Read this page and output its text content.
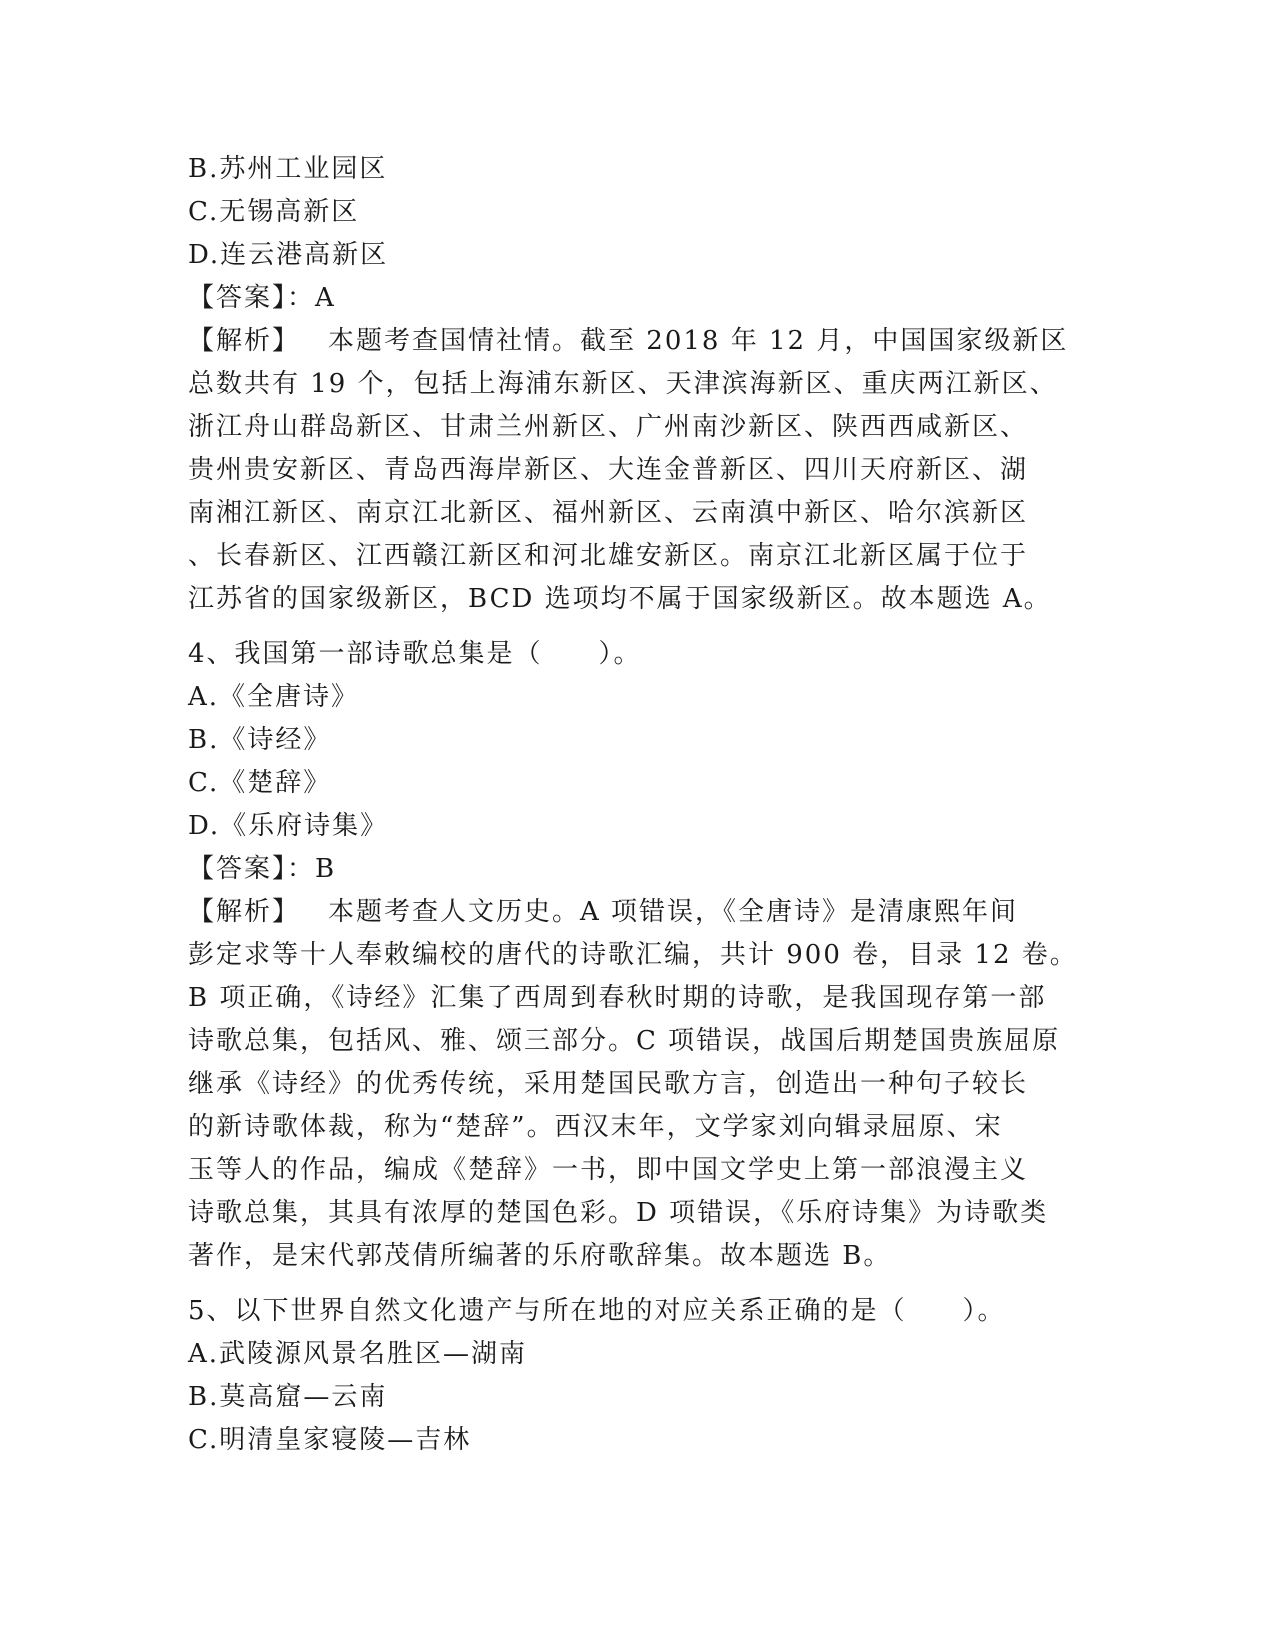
B.苏州工业园区

C.无锡高新区

D.连云港高新区

【答案】：A

【解析】 本题考查国情社情。截至 2018 年 12 月，中国国家级新区
总数共有 19 个，包括上海浦东新区、天津滨海新区、重庆两江新区、
浙江舟山群岛新区、甘肃兰州新区、广州南沙新区、陕西西咸新区、
贵州贵安新区、青岛西海岸新区、大连金普新区、四川天府新区、湖
南湘江新区、南京江北新区、福州新区、云南滇中新区、哈尔滨新区
、长春新区、江西赣江新区和河北雄安新区。南京江北新区属于位于
江苏省的国家级新区，BCD 选项均不属于国家级新区。故本题选 A。

4、我国第一部诗歌总集是（　　）。

A.《全唐诗》

B.《诗经》

C.《楚辞》

D.《乐府诗集》

【答案】：B

【解析】 本题考查人文历史。A 项错误，《全唐诗》是清康熙年间
彭定求等十人奉敕编校的唐代的诗歌汇编，共计 900 卷，目录 12 卷。
B 项正确，《诗经》汇集了西周到春秋时期的诗歌，是我国现存第一部
诗歌总集，包括风、雅、颂三部分。C 项错误，战国后期楚国贵族屈原
继承《诗经》的优秀传统，采用楚国民歌方言，创造出一种句子较长
的新诗歌体裁，称为“楚辞”。西汉末年，文学家刘向辑录屈原、宋
玉等人的作品，编成《楚辞》一书，即中国文学史上第一部浪漫主义
诗歌总集，其具有浓厚的楚国色彩。D 项错误，《乐府诗集》为诗歌类
著作，是宋代郭茂倩所编著的乐府歌辞集。故本题选 B。

5、以下世界自然文化遗产与所在地的对应关系正确的是（　　）。

A.武陵源风景名胜区—湖南

B.莫高窟—云南

C.明清皇家寝陵—吉林
